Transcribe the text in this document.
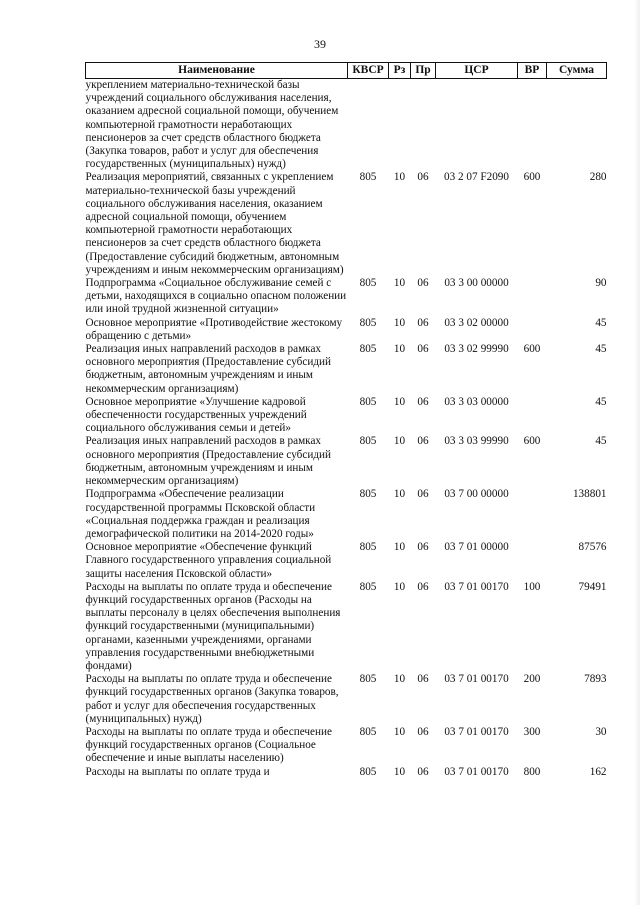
39
Наименование	КВСР	Рз	Пр	ЦСР	ВР	Сумма
укреплением материально-технической базы учреждений социального обслуживания населения, оказанием адресной социальной помощи, обучением компьютерной грамотности неработающих пенсионеров за счет средств областного бюджета (Закупка товаров, работ и услуг для обеспечения государственных (муниципальных) нужд)						
Реализация мероприятий, связанных с укреплением материально-технической базы учреждений социального обслуживания населения, оказанием адресной социальной помощи, обучением компьютерной грамотности неработающих пенсионеров за счет средств областного бюджета (Предоставление субсидий бюджетным, автономным учреждениям и иным некоммерческим организациям)	805	10	06	03 2 07 F2090	600	280
Подпрограмма «Социальное обслуживание семей с детьми, находящихся в социально опасном положении или иной трудной жизненной ситуации»	805	10	06	03 3 00 00000		90
Основное мероприятие «Противодействие жестокому обращению с детьми»	805	10	06	03 3 02 00000		45
Реализация иных направлений расходов в рамках основного мероприятия (Предоставление субсидий бюджетным, автономным учреждениям и иным некоммерческим организациям)	805	10	06	03 3 02 99990	600	45
Основное мероприятие «Улучшение кадровой обеспеченности государственных учреждений социального обслуживания семьи и детей»	805	10	06	03 3 03 00000		45
Реализация иных направлений расходов в рамках основного мероприятия (Предоставление субсидий бюджетным, автономным учреждениям и иным некоммерческим организациям)	805	10	06	03 3 03 99990	600	45
Подпрограмма «Обеспечение реализации государственной программы Псковской области «Социальная поддержка граждан и реализация демографической политики на 2014-2020 годы»	805	10	06	03 7 00 00000		138801
Основное мероприятие «Обеспечение функций Главного государственного управления социальной защиты населения Псковской области»	805	10	06	03 7 01 00000		87576
Расходы на выплаты по оплате труда и обеспечение функций государственных органов (Расходы на выплаты персоналу в целях обеспечения выполнения функций государственными (муниципальными) органами, казенными учреждениями, органами управления государственными внебюджетными фондами)	805	10	06	03 7 01 00170	100	79491
Расходы на выплаты по оплате труда и обеспечение функций государственных органов (Закупка товаров, работ и услуг для обеспечения государственных (муниципальных) нужд)	805	10	06	03 7 01 00170	200	7893
Расходы на выплаты по оплате труда и обеспечение функций государственных органов (Социальное обеспечение и иные выплаты населению)	805	10	06	03 7 01 00170	300	30
Расходы на выплаты по оплате труда и	805	10	06	03 7 01 00170	800	162
